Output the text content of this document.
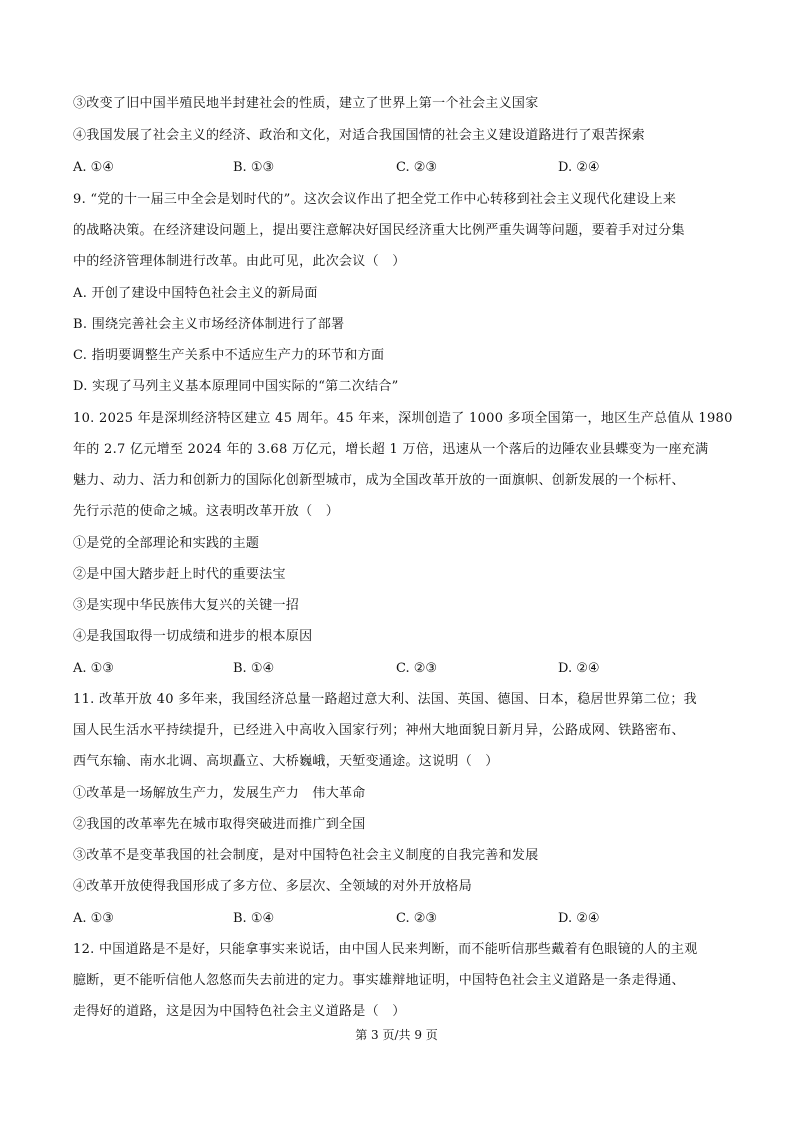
③改变了旧中国半殖民地半封建社会的性质，建立了世界上第一个社会主义国家
④我国发展了社会主义的经济、政治和文化，对适合我国国情的社会主义建设道路进行了艰苦探索
A. ①④	B. ①③	C. ②③	D. ②④
9. “党的十一届三中全会是划时代的”。这次会议作出了把全党工作中心转移到社会主义现代化建设上来
的战略决策。在经济建设问题上，提出要注意解决好国民经济重大比例严重失调等问题，要着手对过分集
中的经济管理体制进行改革。由此可见，此次会议（　）
A. 开创了建设中国特色社会主义的新局面
B. 围绕完善社会主义市场经济体制进行了部署
C. 指明要调整生产关系中不适应生产力的环节和方面
D. 实现了马列主义基本原理同中国实际的“第二次结合”
10. 2025 年是深圳经济特区建立 45 周年。45 年来，深圳创造了 1000 多项全国第一，地区生产总值从 1980
年的 2.7 亿元增至 2024 年的 3.68 万亿元，增长超 1 万倍，迅速从一个落后的边陲农业县蝶变为一座充满
魅力、动力、活力和创新力的国际化创新型城市，成为全国改革开放的一面旗帜、创新发展的一个标杆、
先行示范的使命之城。这表明改革开放（　）
①是党的全部理论和实践的主题
②是中国大踏步赶上时代的重要法宝
③是实现中华民族伟大复兴的关键一招
④是我国取得一切成绩和进步的根本原因
A. ①③	B. ①④	C. ②③	D. ②④
11. 改革开放 40 多年来，我国经济总量一路超过意大利、法国、英国、德国、日本，稳居世界第二位；我
国人民生活水平持续提升，已经进入中高收入国家行列；神州大地面貌日新月异，公路成网、铁路密布、
西气东输、南水北调、高坝矗立、大桥巍峨，天堑变通途。这说明（　）
①改革是一场解放生产力，发展生产力　伟大革命
②我国的改革率先在城市取得突破进而推广到全国
③改革不是变革我国的社会制度，是对中国特色社会主义制度的自我完善和发展
④改革开放使得我国形成了多方位、多层次、全领域的对外开放格局
A. ①③	B. ①④	C. ②③	D. ②④
12. 中国道路是不是好，只能拿事实来说话，由中国人民来判断，而不能听信那些戴着有色眼镜的人的主观
臆断，更不能听信他人忽悠而失去前进的定力。事实雄辩地证明，中国特色社会主义道路是一条走得通、
走得好的道路，这是因为中国特色社会主义道路是（　）
第 3 页/共 9 页
